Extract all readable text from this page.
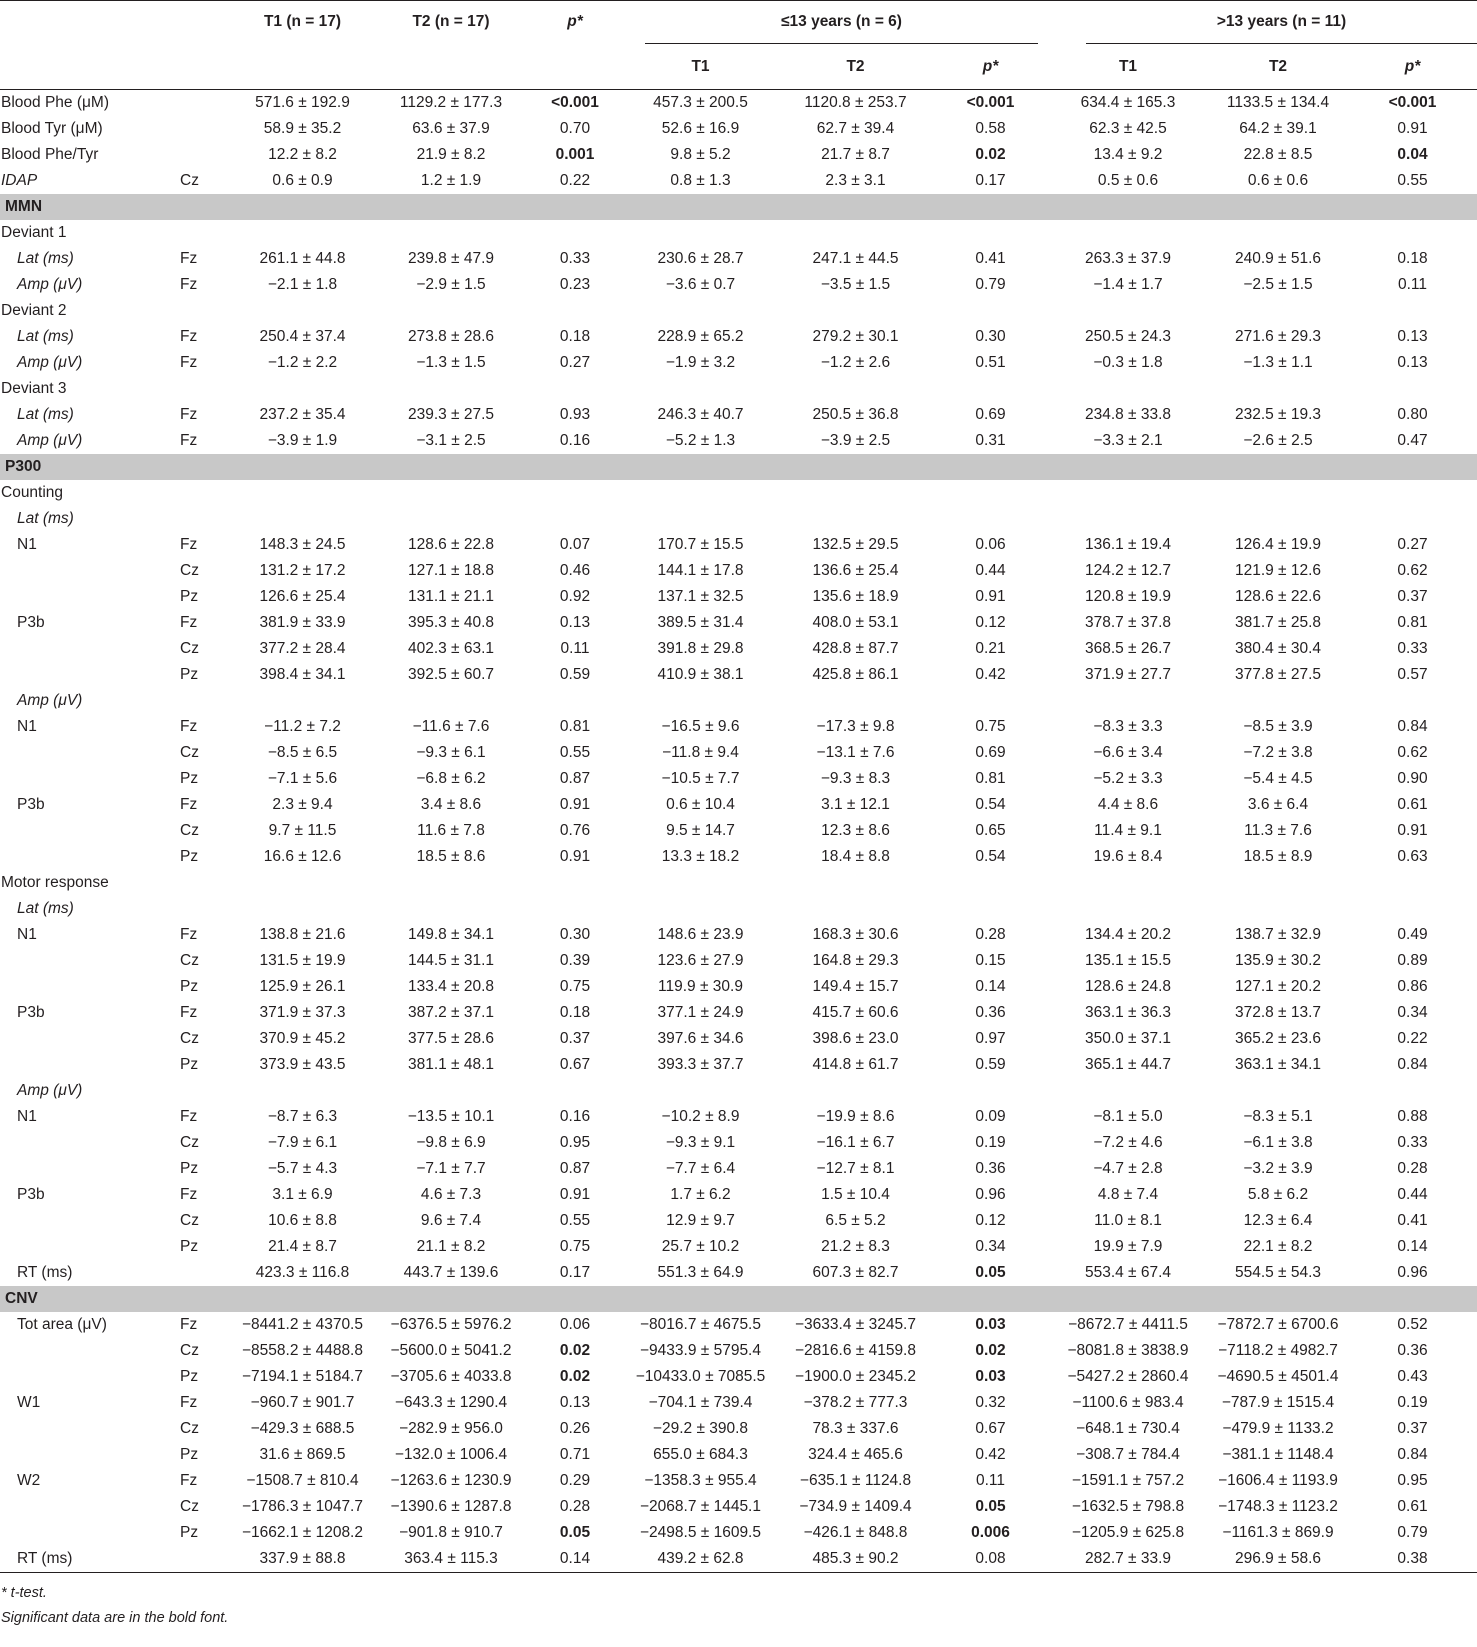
		T1 (n = 17)	T2 (n = 17)	p*	≤13 years (n = 6)			>13 years (n = 11)		

					T1	T2	p*	T1	T2	p*
Blood Phe (μM)		571.6 ± 192.9	1129.2 ± 177.3	<0.001	457.3 ± 200.5	1120.8 ± 253.7	<0.001	634.4 ± 165.3	1133.5 ± 134.4	<0.001
Blood Tyr (μM)		58.9 ± 35.2	63.6 ± 37.9	0.70	52.6 ± 16.9	62.7 ± 39.4	0.58	62.3 ± 42.5	64.2 ± 39.1	0.91
Blood Phe/Tyr		12.2 ± 8.2	21.9 ± 8.2	0.001	9.8 ± 5.2	21.7 ± 8.7	0.02	13.4 ± 9.2	22.8 ± 8.5	0.04
IDAP	Cz	0.6 ± 0.9	1.2 ± 1.9	0.22	0.8 ± 1.3	2.3 ± 3.1	0.17	0.5 ± 0.6	0.6 ± 0.6	0.55
MMN										
Deviant 1										
Lat (ms)	Fz	261.1 ± 44.8	239.8 ± 47.9	0.33	230.6 ± 28.7	247.1 ± 44.5	0.41	263.3 ± 37.9	240.9 ± 51.6	0.18
Amp (μV)	Fz	−2.1 ± 1.8	−2.9 ± 1.5	0.23	−3.6 ± 0.7	−3.5 ± 1.5	0.79	−1.4 ± 1.7	−2.5 ± 1.5	0.11
Deviant 2										
Lat (ms)	Fz	250.4 ± 37.4	273.8 ± 28.6	0.18	228.9 ± 65.2	279.2 ± 30.1	0.30	250.5 ± 24.3	271.6 ± 29.3	0.13
Amp (μV)	Fz	−1.2 ± 2.2	−1.3 ± 1.5	0.27	−1.9 ± 3.2	−1.2 ± 2.6	0.51	−0.3 ± 1.8	−1.3 ± 1.1	0.13
Deviant 3										
Lat (ms)	Fz	237.2 ± 35.4	239.3 ± 27.5	0.93	246.3 ± 40.7	250.5 ± 36.8	0.69	234.8 ± 33.8	232.5 ± 19.3	0.80
Amp (μV)	Fz	−3.9 ± 1.9	−3.1 ± 2.5	0.16	−5.2 ± 1.3	−3.9 ± 2.5	0.31	−3.3 ± 2.1	−2.6 ± 2.5	0.47
P300										
Counting										
Lat (ms)										
N1	Fz	148.3 ± 24.5	128.6 ± 22.8	0.07	170.7 ± 15.5	132.5 ± 29.5	0.06	136.1 ± 19.4	126.4 ± 19.9	0.27
	Cz	131.2 ± 17.2	127.1 ± 18.8	0.46	144.1 ± 17.8	136.6 ± 25.4	0.44	124.2 ± 12.7	121.9 ± 12.6	0.62
	Pz	126.6 ± 25.4	131.1 ± 21.1	0.92	137.1 ± 32.5	135.6 ± 18.9	0.91	120.8 ± 19.9	128.6 ± 22.6	0.37
P3b	Fz	381.9 ± 33.9	395.3 ± 40.8	0.13	389.5 ± 31.4	408.0 ± 53.1	0.12	378.7 ± 37.8	381.7 ± 25.8	0.81
	Cz	377.2 ± 28.4	402.3 ± 63.1	0.11	391.8 ± 29.8	428.8 ± 87.7	0.21	368.5 ± 26.7	380.4 ± 30.4	0.33
	Pz	398.4 ± 34.1	392.5 ± 60.7	0.59	410.9 ± 38.1	425.8 ± 86.1	0.42	371.9 ± 27.7	377.8 ± 27.5	0.57
Amp (μV)										
N1	Fz	−11.2 ± 7.2	−11.6 ± 7.6	0.81	−16.5 ± 9.6	−17.3 ± 9.8	0.75	−8.3 ± 3.3	−8.5 ± 3.9	0.84
	Cz	−8.5 ± 6.5	−9.3 ± 6.1	0.55	−11.8 ± 9.4	−13.1 ± 7.6	0.69	−6.6 ± 3.4	−7.2 ± 3.8	0.62
	Pz	−7.1 ± 5.6	−6.8 ± 6.2	0.87	−10.5 ± 7.7	−9.3 ± 8.3	0.81	−5.2 ± 3.3	−5.4 ± 4.5	0.90
P3b	Fz	2.3 ± 9.4	3.4 ± 8.6	0.91	0.6 ± 10.4	3.1 ± 12.1	0.54	4.4 ± 8.6	3.6 ± 6.4	0.61
	Cz	9.7 ± 11.5	11.6 ± 7.8	0.76	9.5 ± 14.7	12.3 ± 8.6	0.65	11.4 ± 9.1	11.3 ± 7.6	0.91
	Pz	16.6 ± 12.6	18.5 ± 8.6	0.91	13.3 ± 18.2	18.4 ± 8.8	0.54	19.6 ± 8.4	18.5 ± 8.9	0.63
Motor response										
Lat (ms)										
N1	Fz	138.8 ± 21.6	149.8 ± 34.1	0.30	148.6 ± 23.9	168.3 ± 30.6	0.28	134.4 ± 20.2	138.7 ± 32.9	0.49
	Cz	131.5 ± 19.9	144.5 ± 31.1	0.39	123.6 ± 27.9	164.8 ± 29.3	0.15	135.1 ± 15.5	135.9 ± 30.2	0.89
	Pz	125.9 ± 26.1	133.4 ± 20.8	0.75	119.9 ± 30.9	149.4 ± 15.7	0.14	128.6 ± 24.8	127.1 ± 20.2	0.86
P3b	Fz	371.9 ± 37.3	387.2 ± 37.1	0.18	377.1 ± 24.9	415.7 ± 60.6	0.36	363.1 ± 36.3	372.8 ± 13.7	0.34
	Cz	370.9 ± 45.2	377.5 ± 28.6	0.37	397.6 ± 34.6	398.6 ± 23.0	0.97	350.0 ± 37.1	365.2 ± 23.6	0.22
	Pz	373.9 ± 43.5	381.1 ± 48.1	0.67	393.3 ± 37.7	414.8 ± 61.7	0.59	365.1 ± 44.7	363.1 ± 34.1	0.84
Amp (μV)										
N1	Fz	−8.7 ± 6.3	−13.5 ± 10.1	0.16	−10.2 ± 8.9	−19.9 ± 8.6	0.09	−8.1 ± 5.0	−8.3 ± 5.1	0.88
	Cz	−7.9 ± 6.1	−9.8 ± 6.9	0.95	−9.3 ± 9.1	−16.1 ± 6.7	0.19	−7.2 ± 4.6	−6.1 ± 3.8	0.33
	Pz	−5.7 ± 4.3	−7.1 ± 7.7	0.87	−7.7 ± 6.4	−12.7 ± 8.1	0.36	−4.7 ± 2.8	−3.2 ± 3.9	0.28
P3b	Fz	3.1 ± 6.9	4.6 ± 7.3	0.91	1.7 ± 6.2	1.5 ± 10.4	0.96	4.8 ± 7.4	5.8 ± 6.2	0.44
	Cz	10.6 ± 8.8	9.6 ± 7.4	0.55	12.9 ± 9.7	6.5 ± 5.2	0.12	11.0 ± 8.1	12.3 ± 6.4	0.41
	Pz	21.4 ± 8.7	21.1 ± 8.2	0.75	25.7 ± 10.2	21.2 ± 8.3	0.34	19.9 ± 7.9	22.1 ± 8.2	0.14
RT (ms)		423.3 ± 116.8	443.7 ± 139.6	0.17	551.3 ± 64.9	607.3 ± 82.7	0.05	553.4 ± 67.4	554.5 ± 54.3	0.96
CNV										
Tot area (μV)	Fz	−8441.2 ± 4370.5	−6376.5 ± 5976.2	0.06	−8016.7 ± 4675.5	−3633.4 ± 3245.7	0.03	−8672.7 ± 4411.5	−7872.7 ± 6700.6	0.52
	Cz	−8558.2 ± 4488.8	−5600.0 ± 5041.2	0.02	−9433.9 ± 5795.4	−2816.6 ± 4159.8	0.02	−8081.8 ± 3838.9	−7118.2 ± 4982.7	0.36
	Pz	−7194.1 ± 5184.7	−3705.6 ± 4033.8	0.02	−10433.0 ± 7085.5	−1900.0 ± 2345.2	0.03	−5427.2 ± 2860.4	−4690.5 ± 4501.4	0.43
W1	Fz	−960.7 ± 901.7	−643.3 ± 1290.4	0.13	−704.1 ± 739.4	−378.2 ± 777.3	0.32	−1100.6 ± 983.4	−787.9 ± 1515.4	0.19
	Cz	−429.3 ± 688.5	−282.9 ± 956.0	0.26	−29.2 ± 390.8	78.3 ± 337.6	0.67	−648.1 ± 730.4	−479.9 ± 1133.2	0.37
	Pz	31.6 ± 869.5	−132.0 ± 1006.4	0.71	655.0 ± 684.3	324.4 ± 465.6	0.42	−308.7 ± 784.4	−381.1 ± 1148.4	0.84
W2	Fz	−1508.7 ± 810.4	−1263.6 ± 1230.9	0.29	−1358.3 ± 955.4	−635.1 ± 1124.8	0.11	−1591.1 ± 757.2	−1606.4 ± 1193.9	0.95
	Cz	−1786.3 ± 1047.7	−1390.6 ± 1287.8	0.28	−2068.7 ± 1445.1	−734.9 ± 1409.4	0.05	−1632.5 ± 798.8	−1748.3 ± 1123.2	0.61
	Pz	−1662.1 ± 1208.2	−901.8 ± 910.7	0.05	−2498.5 ± 1609.5	−426.1 ± 848.8	0.006	−1205.9 ± 625.8	−1161.3 ± 869.9	0.79
RT (ms)		337.9 ± 88.8	363.4 ± 115.3	0.14	439.2 ± 62.8	485.3 ± 90.2	0.08	282.7 ± 33.9	296.9 ± 58.6	0.38
* t-test.
Significant data are in the bold font.
